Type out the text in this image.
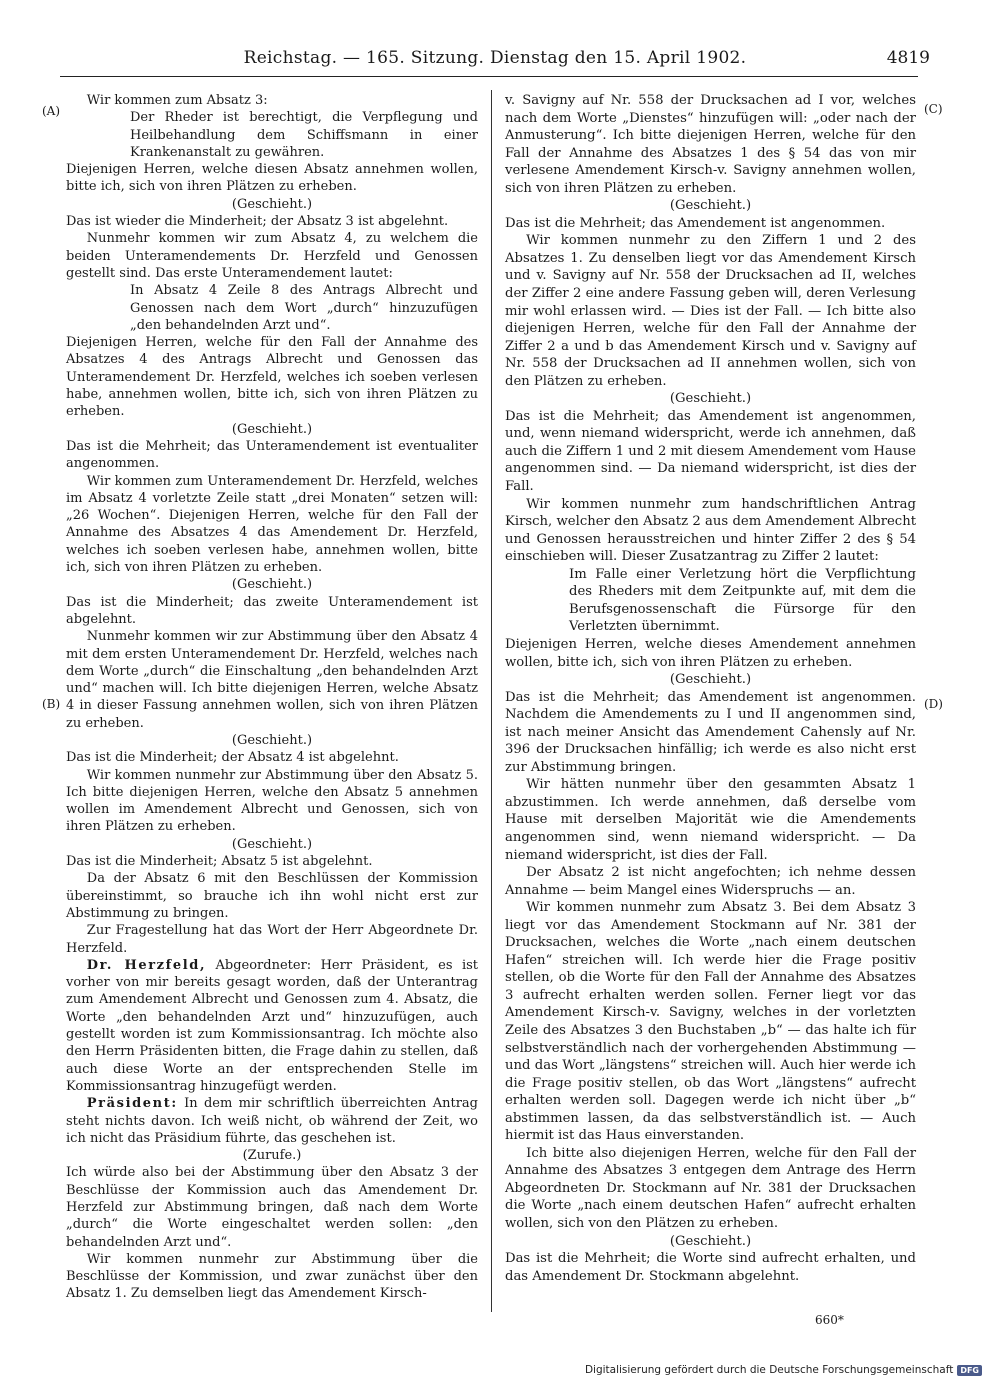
Reichstag. — 165. Sitzung. Dienstag den 15. April 1902.	4819
(A)
(B)
(C)
(D)

Wir kommen zum Absatz 3:

Der Rheder ist berechtigt, die Verpflegung und Heilbehandlung dem Schiffsmann in einer Krankenanstalt zu gewähren.

Diejenigen Herren, welche diesen Absatz annehmen wollen, bitte ich, sich von ihren Plätzen zu erheben.

(Geschieht.)

Das ist wieder die Minderheit; der Absatz 3 ist abgelehnt.

Nunmehr kommen wir zum Absatz 4, zu welchem die beiden Unteramendements Dr. Herzfeld und Genossen gestellt sind. Das erste Unteramendement lautet:

In Absatz 4 Zeile 8 des Antrags Albrecht und Genossen nach dem Wort „durch“ hinzuzufügen „den behandelnden Arzt und“.

Diejenigen Herren, welche für den Fall der Annahme des Absatzes 4 des Antrags Albrecht und Genossen das Unteramendement Dr. Herzfeld, welches ich soeben verlesen habe, annehmen wollen, bitte ich, sich von ihren Plätzen zu erheben.

(Geschieht.)

Das ist die Mehrheit; das Unteramendement ist eventualiter angenommen.

Wir kommen zum Unteramendement Dr. Herzfeld, welches im Absatz 4 vorletzte Zeile statt „drei Monaten“ setzen will: „26 Wochen“. Diejenigen Herren, welche für den Fall der Annahme des Absatzes 4 das Amendement Dr. Herzfeld, welches ich soeben verlesen habe, annehmen wollen, bitte ich, sich von ihren Plätzen zu erheben.

(Geschieht.)

Das ist die Minderheit; das zweite Unteramendement ist abgelehnt.

Nunmehr kommen wir zur Abstimmung über den Absatz 4 mit dem ersten Unteramendement Dr. Herzfeld, welches nach dem Worte „durch“ die Einschaltung „den behandelnden Arzt und“ machen will. Ich bitte diejenigen Herren, welche Absatz 4 in dieser Fassung annehmen wollen, sich von ihren Plätzen zu erheben.

(Geschieht.)

Das ist die Minderheit; der Absatz 4 ist abgelehnt.

Wir kommen nunmehr zur Abstimmung über den Absatz 5. Ich bitte diejenigen Herren, welche den Absatz 5 annehmen wollen im Amendement Albrecht und Genossen, sich von ihren Plätzen zu erheben.

(Geschieht.)

Das ist die Minderheit; Absatz 5 ist abgelehnt.

Da der Absatz 6 mit den Beschlüssen der Kommission übereinstimmt, so brauche ich ihn wohl nicht erst zur Abstimmung zu bringen.

Zur Fragestellung hat das Wort der Herr Abgeordnete Dr. Herzfeld.

Dr. Herzfeld, Abgeordneter: Herr Präsident, es ist vorher von mir bereits gesagt worden, daß der Unterantrag zum Amendement Albrecht und Genossen zum 4. Absatz, die Worte „den behandelnden Arzt und“ hinzuzufügen, auch gestellt worden ist zum Kommissionsantrag. Ich möchte also den Herrn Präsidenten bitten, die Frage dahin zu stellen, daß auch diese Worte an der entsprechenden Stelle im Kommissionsantrag hinzugefügt werden.

Präsident: In dem mir schriftlich überreichten Antrag steht nichts davon. Ich weiß nicht, ob während der Zeit, wo ich nicht das Präsidium führte, das geschehen ist.

(Zurufe.)

Ich würde also bei der Abstimmung über den Absatz 3 der Beschlüsse der Kommission auch das Amendement Dr. Herzfeld zur Abstimmung bringen, daß nach dem Worte „durch“ die Worte eingeschaltet werden sollen: „den behandelnden Arzt und“.

Wir kommen nunmehr zur Abstimmung über die Beschlüsse der Kommission, und zwar zunächst über den Absatz 1. Zu demselben liegt das Amendement Kirsch-

v. Savigny auf Nr. 558 der Drucksachen ad I vor, welches nach dem Worte „Dienstes“ hinzufügen will: „oder nach der Anmusterung“. Ich bitte diejenigen Herren, welche für den Fall der Annahme des Absatzes 1 des § 54 das von mir verlesene Amendement Kirsch-v. Savigny annehmen wollen, sich von ihren Plätzen zu erheben.

(Geschieht.)

Das ist die Mehrheit; das Amendement ist angenommen.

Wir kommen nunmehr zu den Ziffern 1 und 2 des Absatzes 1. Zu denselben liegt vor das Amendement Kirsch und v. Savigny auf Nr. 558 der Drucksachen ad II, welches der Ziffer 2 eine andere Fassung geben will, deren Verlesung mir wohl erlassen wird. — Dies ist der Fall. — Ich bitte also diejenigen Herren, welche für den Fall der Annahme der Ziffer 2 a und b das Amendement Kirsch und v. Savigny auf Nr. 558 der Drucksachen ad II annehmen wollen, sich von den Plätzen zu erheben.

(Geschieht.)

Das ist die Mehrheit; das Amendement ist angenommen, und, wenn niemand widerspricht, werde ich annehmen, daß auch die Ziffern 1 und 2 mit diesem Amendement vom Hause angenommen sind. — Da niemand widerspricht, ist dies der Fall.

Wir kommen nunmehr zum handschriftlichen Antrag Kirsch, welcher den Absatz 2 aus dem Amendement Albrecht und Genossen herausstreichen und hinter Ziffer 2 des § 54 einschieben will. Dieser Zusatzantrag zu Ziffer 2 lautet:

Im Falle einer Verletzung hört die Verpflichtung des Rheders mit dem Zeitpunkte auf, mit dem die Berufsgenossenschaft die Fürsorge für den Verletzten übernimmt.

Diejenigen Herren, welche dieses Amendement annehmen wollen, bitte ich, sich von ihren Plätzen zu erheben.

(Geschieht.)

Das ist die Mehrheit; das Amendement ist angenommen. Nachdem die Amendements zu I und II angenommen sind, ist nach meiner Ansicht das Amendement Cahensly auf Nr. 396 der Drucksachen hinfällig; ich werde es also nicht erst zur Abstimmung bringen.

Wir hätten nunmehr über den gesammten Absatz 1 abzustimmen. Ich werde annehmen, daß derselbe vom Hause mit derselben Majorität wie die Amendements angenommen sind, wenn niemand widerspricht. — Da niemand widerspricht, ist dies der Fall.

Der Absatz 2 ist nicht angefochten; ich nehme dessen Annahme — beim Mangel eines Widerspruchs — an.

Wir kommen nunmehr zum Absatz 3. Bei dem Absatz 3 liegt vor das Amendement Stockmann auf Nr. 381 der Drucksachen, welches die Worte „nach einem deutschen Hafen“ streichen will. Ich werde hier die Frage positiv stellen, ob die Worte für den Fall der Annahme des Absatzes 3 aufrecht erhalten werden sollen. Ferner liegt vor das Amendement Kirsch-v. Savigny, welches in der vorletzten Zeile des Absatzes 3 den Buchstaben „b“ — das halte ich für selbstverständlich nach der vorhergehenden Abstimmung — und das Wort „längstens“ streichen will. Auch hier werde ich die Frage positiv stellen, ob das Wort „längstens“ aufrecht erhalten werden soll. Dagegen werde ich nicht über „b“ abstimmen lassen, da das selbstverständlich ist. — Auch hiermit ist das Haus einverstanden.

Ich bitte also diejenigen Herren, welche für den Fall der Annahme des Absatzes 3 entgegen dem Antrage des Herrn Abgeordneten Dr. Stockmann auf Nr. 381 der Drucksachen die Worte „nach einem deutschen Hafen“ aufrecht erhalten wollen, sich von den Plätzen zu erheben.

(Geschieht.)

Das ist die Mehrheit; die Worte sind aufrecht erhalten, und das Amendement Dr. Stockmann abgelehnt.

660*
Digitalisierung gefördert durch die Deutsche Forschungsgemeinschaft DFG
